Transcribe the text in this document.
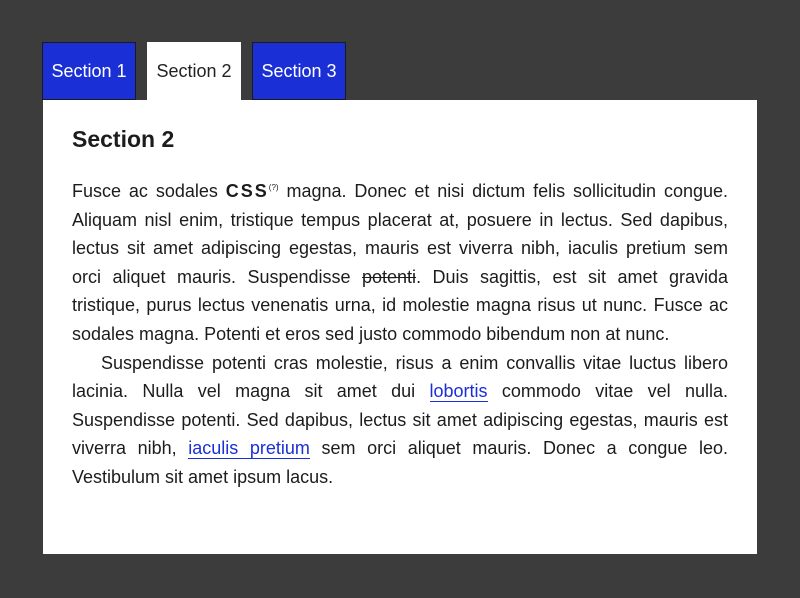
Section 1	Section 2	Section 3
Section 2

Fusce ac sodales CSS(?) magna. Donec et nisi dictum felis sollicitudin congue. Aliquam nisl enim, tristique tempus placerat at, posuere in lectus. Sed dapibus, lectus sit amet adipiscing egestas, mauris est viverra nibh, iaculis pretium sem orci aliquet mauris. Suspendisse potenti. Duis sagittis, est sit amet gravida tristique, purus lectus venenatis urna, id molestie magna risus ut nunc. Fusce ac sodales magna. Potenti et eros sed justo commodo bibendum non at nunc.

Suspendisse potenti cras molestie, risus a enim convallis vitae luctus libero lacinia. Nulla vel magna sit amet dui lobortis commodo vitae vel nulla. Suspendisse potenti. Sed dapibus, lectus sit amet adipiscing egestas, mauris est viverra nibh, iaculis pretium sem orci aliquet mauris. Donec a congue leo. Vestibulum sit amet ipsum lacus.
